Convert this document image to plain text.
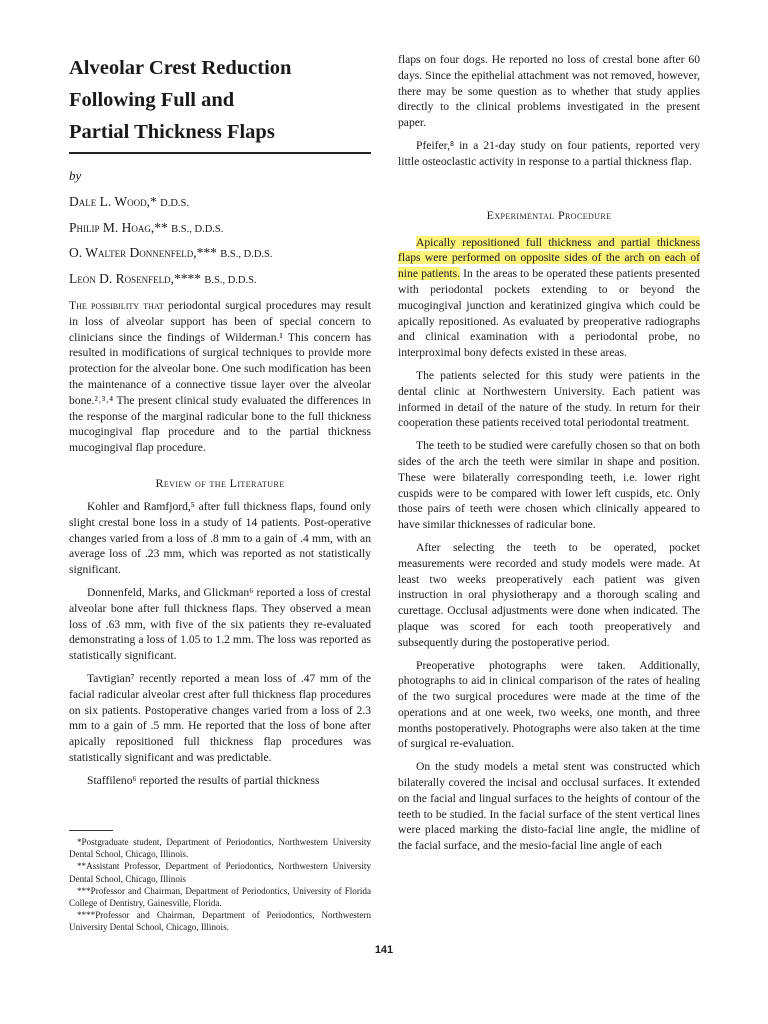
Alveolar Crest Reduction
Following Full and
Partial Thickness Flaps
by
Dale L. Wood,* D.D.S.
Philip M. Hoag,** B.S., D.D.S.
O. Walter Donnenfeld,*** B.S., D.D.S.
Leon D. Rosenfeld,**** B.S., D.D.S.

The possibility that periodontal surgical procedures may result in loss of alveolar support has been of special concern to clinicians since the findings of Wilderman.¹ This concern has resulted in modifications of surgical techniques to provide more protection for the alveolar bone. One such modification has been the maintenance of a connective tissue layer over the alveolar bone.²˒³˒⁴ The present clinical study evaluated the differences in the response of the marginal radicular bone to the full thickness mucogingival flap procedure and to the partial thickness mucogingival flap procedure.

Review of the Literature

Kohler and Ramfjord,⁵ after full thickness flaps, found only slight crestal bone loss in a study of 14 patients. Post-operative changes varied from a loss of .8 mm to a gain of .4 mm, with an average loss of .23 mm, which was reported as not statistically significant.

Donnenfeld, Marks, and Glickman⁶ reported a loss of crestal alveolar bone after full thickness flaps. They observed a mean loss of .63 mm, with five of the six patients they re-evaluated demonstrating a loss of 1.05 to 1.2 mm. The loss was reported as statistically significant.

Tavtigian⁷ recently reported a mean loss of .47 mm of the facial radicular alveolar crest after full thickness flap procedures on six patients. Postoperative changes varied from a loss of 2.3 mm to a gain of .5 mm. He reported that the loss of bone after apically repositioned full thickness flap procedures was statistically significant and was predictable.

Staffileno⁶ reported the results of partial thickness

*Postgraduate student, Department of Periodontics, Northwestern University Dental School, Chicago, Illinois.

**Assistant Professor, Department of Periodontics, Northwestern University Dental School, Chicago, Illinois

***Professor and Chairman, Department of Periodontics, University of Florida College of Dentistry, Gainesville, Florida.

****Professor and Chairman, Department of Periodontics, Northwestern University Dental School, Chicago, Illinois.

flaps on four dogs. He reported no loss of crestal bone after 60 days. Since the epithelial attachment was not removed, however, there may be some question as to whether that study applies directly to the clinical problems investigated in the present paper.

Pfeifer,⁸ in a 21-day study on four patients, reported very little osteoclastic activity in response to a partial thickness flap.

Experimental Procedure

Apically repositioned full thickness and partial thickness flaps were performed on opposite sides of the arch on each of nine patients. In the areas to be operated these patients presented with periodontal pockets extending to or beyond the mucogingival junction and keratinized gingiva which could be apically repositioned. As evaluated by preoperative radiographs and clinical examination with a periodontal probe, no interproximal bony defects existed in these areas.

The patients selected for this study were patients in the dental clinic at Northwestern University. Each patient was informed in detail of the nature of the study. In return for their cooperation these patients received total periodontal treatment.

The teeth to be studied were carefully chosen so that on both sides of the arch the teeth were similar in shape and position. These were bilaterally corresponding teeth, i.e. lower right cuspids were to be compared with lower left cuspids, etc. Only those pairs of teeth were chosen which clinically appeared to have similar thicknesses of radicular bone.

After selecting the teeth to be operated, pocket measurements were recorded and study models were made. At least two weeks preoperatively each patient was given instruction in oral physiotherapy and a thorough scaling and curettage. Occlusal adjustments were done when indicated. The plaque was scored for each tooth preoperatively and subsequently during the postoperative period.

Preoperative photographs were taken. Additionally, photographs to aid in clinical comparison of the rates of healing of the two surgical procedures were made at the time of the operations and at one week, two weeks, one month, and three months postoperatively. Photographs were also taken at the time of surgical re-evaluation.

On the study models a metal stent was constructed which bilaterally covered the incisal and occlusal surfaces. It extended on the facial and lingual surfaces to the heights of contour of the teeth to be studied. In the facial surface of the stent vertical lines were placed marking the disto-facial line angle, the midline of the facial surface, and the mesio-facial line angle of each

141
